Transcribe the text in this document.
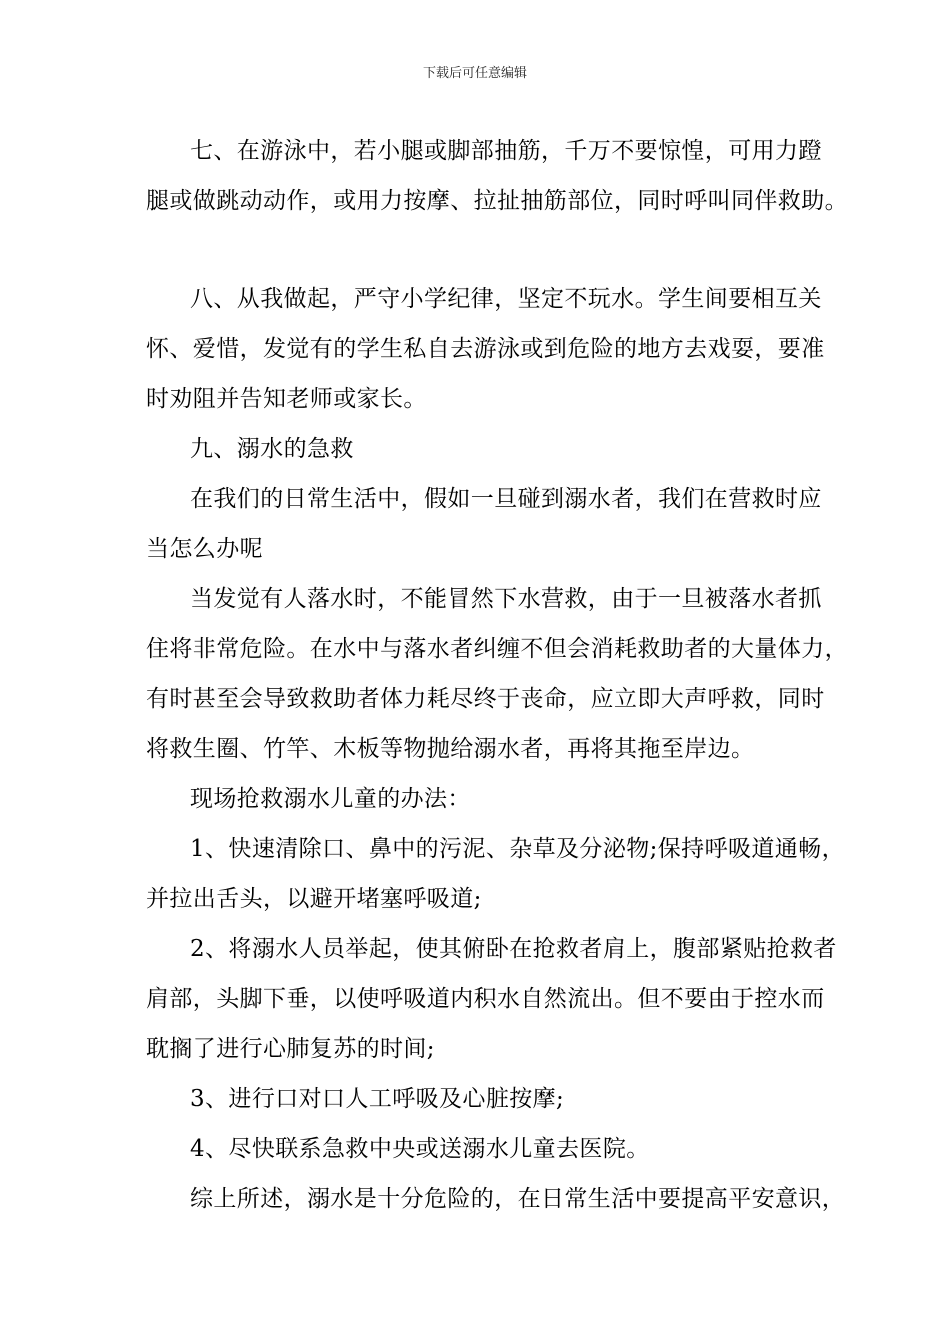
下载后可任意编辑
七、在游泳中，若小腿或脚部抽筋，千万不要惊惶，可用力蹬
腿或做跳动动作，或用力按摩、拉扯抽筋部位，同时呼叫同伴救助。
八、从我做起，严守小学纪律，坚定不玩水。学生间要相互关
怀、爱惜，发觉有的学生私自去游泳或到危险的地方去戏耍，要准
时劝阻并告知老师或家长。
九、溺水的急救
在我们的日常生活中，假如一旦碰到溺水者，我们在营救时应
当怎么办呢
当发觉有人落水时，不能冒然下水营救，由于一旦被落水者抓
住将非常危险。在水中与落水者纠缠不但会消耗救助者的大量体力，
有时甚至会导致救助者体力耗尽终于丧命，应立即大声呼救，同时
将救生圈、竹竿、木板等物抛给溺水者，再将其拖至岸边。
现场抢救溺水儿童的办法：
1、快速清除口、鼻中的污泥、杂草及分泌物;保持呼吸道通畅，
并拉出舌头，以避开堵塞呼吸道;
2、将溺水人员举起，使其俯卧在抢救者肩上，腹部紧贴抢救者
肩部，头脚下垂，以使呼吸道内积水自然流出。但不要由于控水而
耽搁了进行心肺复苏的时间;
3、进行口对口人工呼吸及心脏按摩;
4、尽快联系急救中央或送溺水儿童去医院。
综上所述，溺水是十分危险的，在日常生活中要提高平安意识，
